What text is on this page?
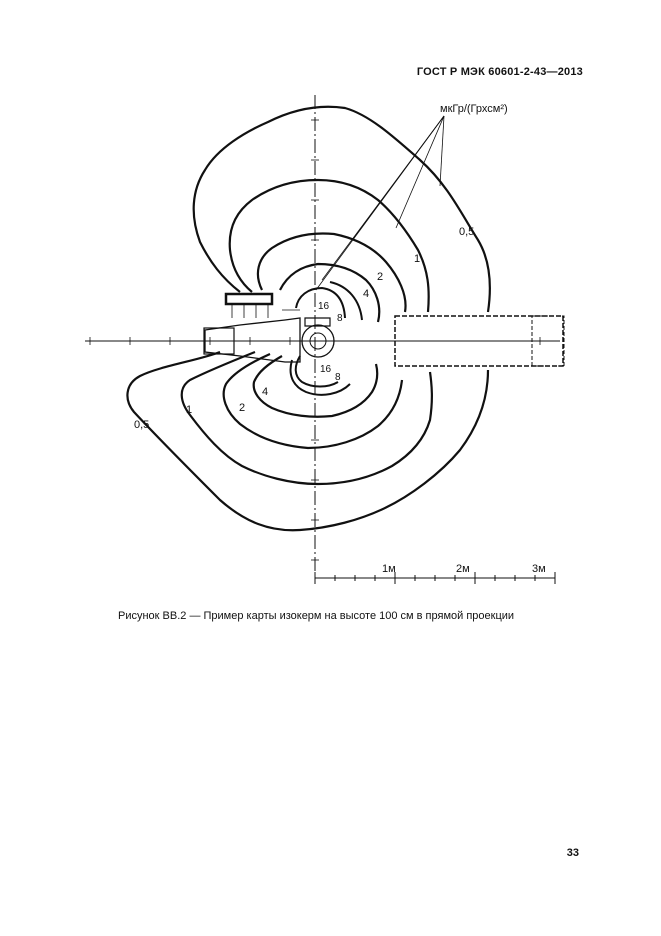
ГОСТ Р МЭК 60601-2-43—2013
мкГр/(Грхсм²)
0,5
1
2
4
16
8
0,5
1	2
4
16
8
1м	2м	3м
Рисунок ВВ.2 — Пример карты изокерм на высоте 100 см в прямой проекции
33
